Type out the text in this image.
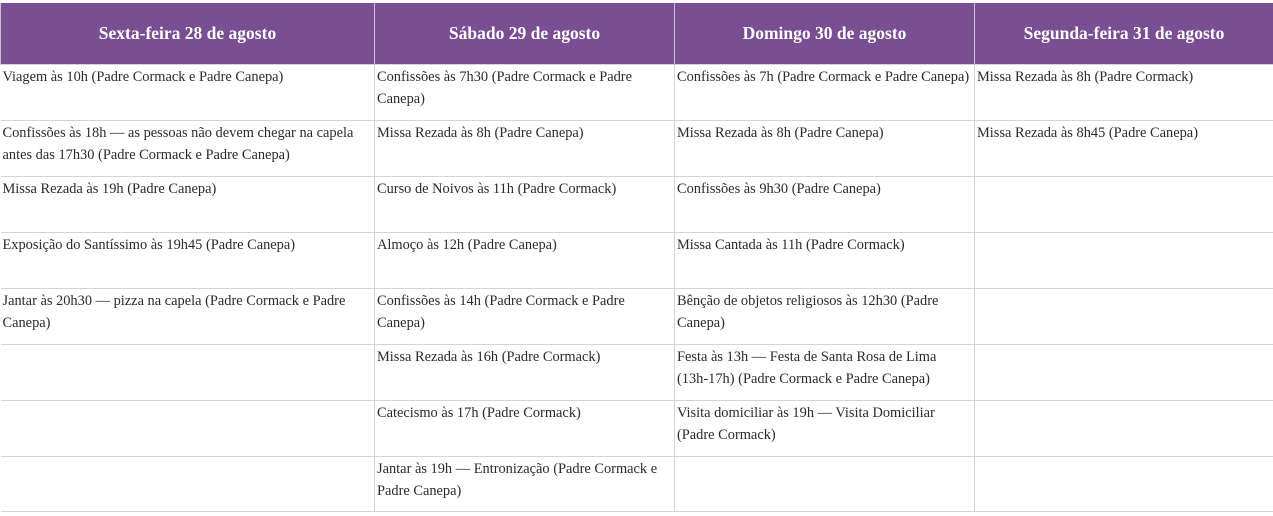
Sexta-feira 28 de agosto	Sábado 29 de agosto	Domingo 30 de agosto	Segunda-feira 31 de agosto
Viagem às 10h (Padre Cormack e Padre Canepa)	Confissões às 7h30 (Padre Cormack e Padre Canepa)	Confissões às 7h (Padre Cormack e Padre Canepa)	Missa Rezada às 8h (Padre Cormack)
Confissões às 18h — as pessoas não devem chegar na capela antes das 17h30 (Padre Cormack e Padre Canepa)	Missa Rezada às 8h (Padre Canepa)	Missa Rezada às 8h (Padre Canepa)	Missa Rezada às 8h45 (Padre Canepa)
Missa Rezada às 19h (Padre Canepa)	Curso de Noivos às 11h (Padre Cormack)	Confissões às 9h30 (Padre Canepa)	
Exposição do Santíssimo às 19h45 (Padre Canepa)	Almoço às 12h (Padre Canepa)	Missa Cantada às 11h (Padre Cormack)	
Jantar às 20h30 — pizza na capela (Padre Cormack e Padre Canepa)	Confissões às 14h (Padre Cormack e Padre Canepa)	Bênção de objetos religiosos às 12h30 (Padre Canepa)	
	Missa Rezada às 16h (Padre Cormack)	Festa às 13h — Festa de Santa Rosa de Lima (13h-17h) (Padre Cormack e Padre Canepa)	
	Catecismo às 17h (Padre Cormack)	Visita domiciliar às 19h — Visita Domiciliar (Padre Cormack)	
	Jantar às 19h — Entronização (Padre Cormack e Padre Canepa)		
